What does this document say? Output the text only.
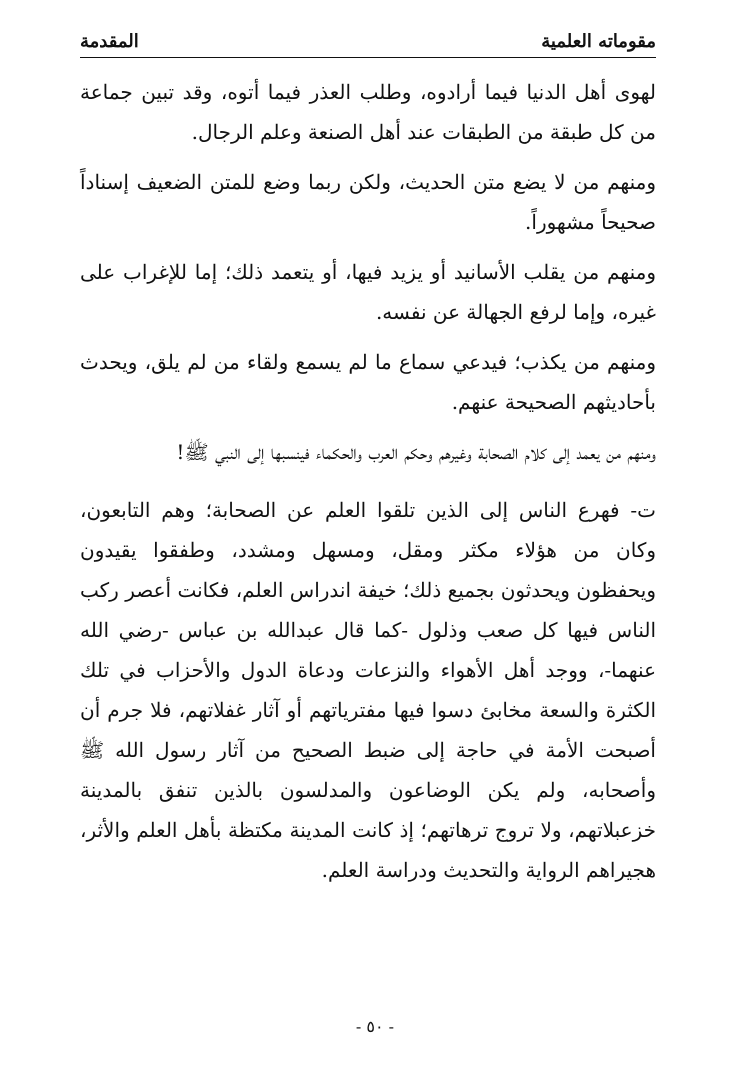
مقوماته العلمية
المقدمة

لهوى أهل الدنيا فيما أرادوه، وطلب العذر فيما أتوه، وقد تبين جماعة من كل طبقة من الطبقات عند أهل الصنعة وعلم الرجال.

ومنهم من لا يضع متن الحديث، ولكن ربما وضع للمتن الضعيف إسناداً صحيحاً مشهوراً.

ومنهم من يقلب الأسانيد أو يزيد فيها، أو يتعمد ذلك؛ إما للإغراب على غيره، وإما لرفع الجهالة عن نفسه.

ومنهم من يكذب؛ فيدعي سماع ما لم يسمع ولقاء من لم يلق، ويحدث بأحاديثهم الصحيحة عنهم.

ومنهم من يعمد إلى كلام الصحابة وغيرهم وحكم العرب والحكماء فينسبها إلى النبي ﷺ!

ت- فهرع الناس إلى الذين تلقوا العلم عن الصحابة؛ وهم التابعون، وكان من هؤلاء مكثر ومقل، ومسهل ومشدد، وطفقوا يقيدون ويحفظون ويحدثون بجميع ذلك؛ خيفة اندراس العلم، فكانت أعصر ركب الناس فيها كل صعب وذلول -كما قال عبدالله بن عباس -رضي الله عنهما-، ووجد أهل الأهواء والنزعات ودعاة الدول والأحزاب في تلك الكثرة والسعة مخابئ دسوا فيها مفترياتهم أو آثار غفلاتهم، فلا جرم أن أصبحت الأمة في حاجة إلى ضبط الصحيح من آثار رسول الله ﷺ وأصحابه، ولم يكن الوضاعون والمدلسون بالذين تنفق بالمدينة خزعبلاتهم، ولا تروج ترهاتهم؛ إذ كانت المدينة مكتظة بأهل العلم والأثر، هجيراهم الرواية والتحديث ودراسة العلم.

- ٥٠ -
